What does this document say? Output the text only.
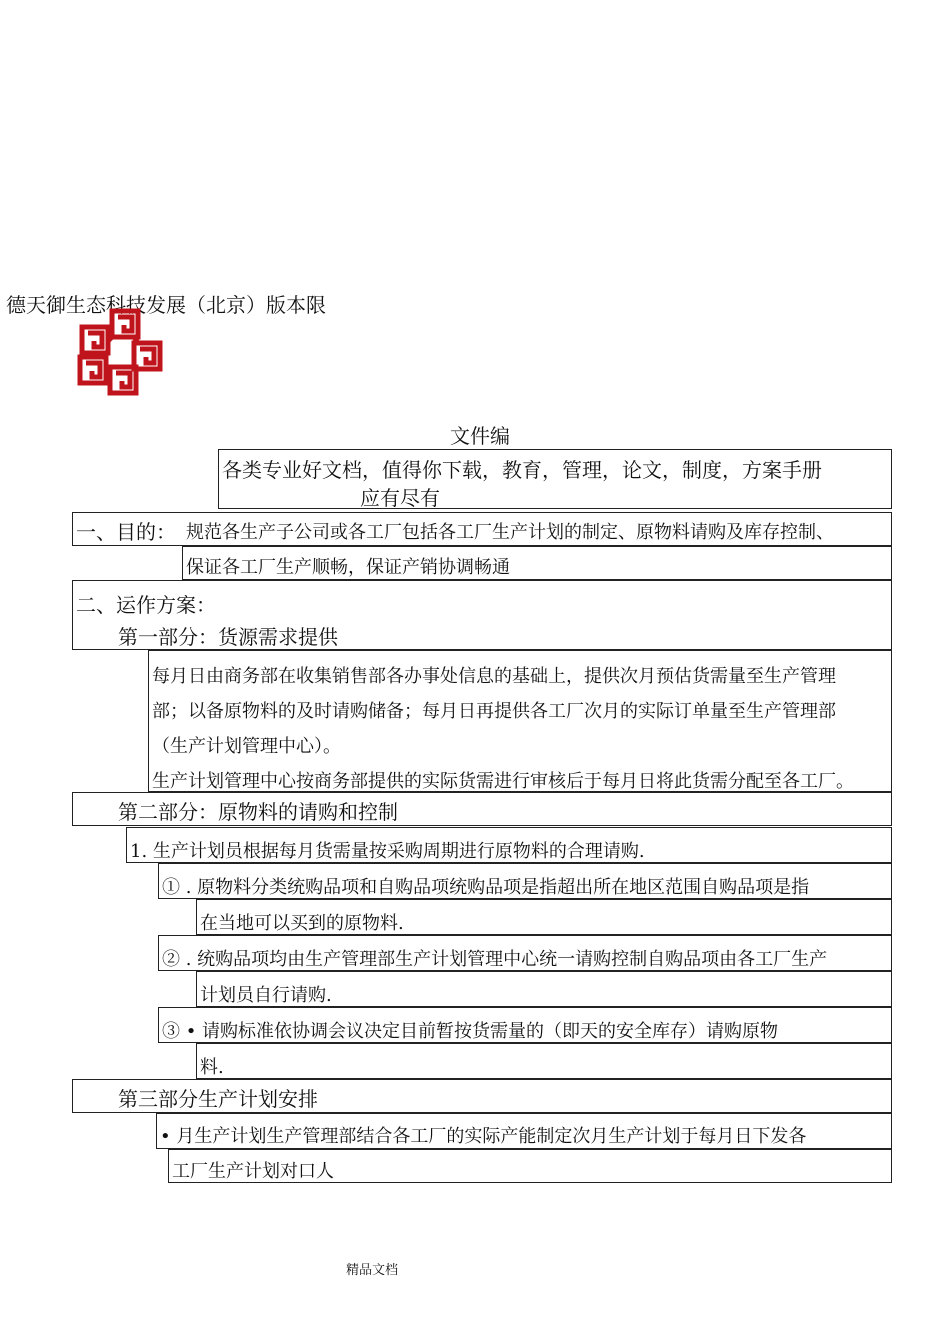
德天御生态科技发展（北京）版本限
文件编
各类专业好文档，值得你下载，教育，管理，论文，制度，方案手册
应有尽有
一、目的： 规范各生产子公司或各工厂包括各工厂生产计划的制定、原物料请购及库存控制、
保证各工厂生产顺畅，保证产销协调畅通
二、运作方案：
第一部分：货源需求提供
每月日由商务部在收集销售部各办事处信息的基础上，提供次月预估货需量至生产管理
部；以备原物料的及时请购储备；每月日再提供各工厂次月的实际订单量至生产管理部
（生产计划管理中心）。
生产计划管理中心按商务部提供的实际货需进行审核后于每月日将此货需分配至各工厂。
第二部分：原物料的请购和控制
1. 生产计划员根据每月货需量按采购周期进行原物料的合理请购.
① . 原物料分类统购品项和自购品项统购品项是指超出所在地区范围自购品项是指
在当地可以买到的原物料.
② . 统购品项均由生产管理部生产计划管理中心统一请购控制自购品项由各工厂生产
计划员自行请购.
③ • 请购标准依协调会议决定目前暂按货需量的（即天的安全库存）请购原物
料.
第三部分生产计划安排
• 月生产计划生产管理部结合各工厂的实际产能制定次月生产计划于每月日下发各
工厂生产计划对口人
精品文档
